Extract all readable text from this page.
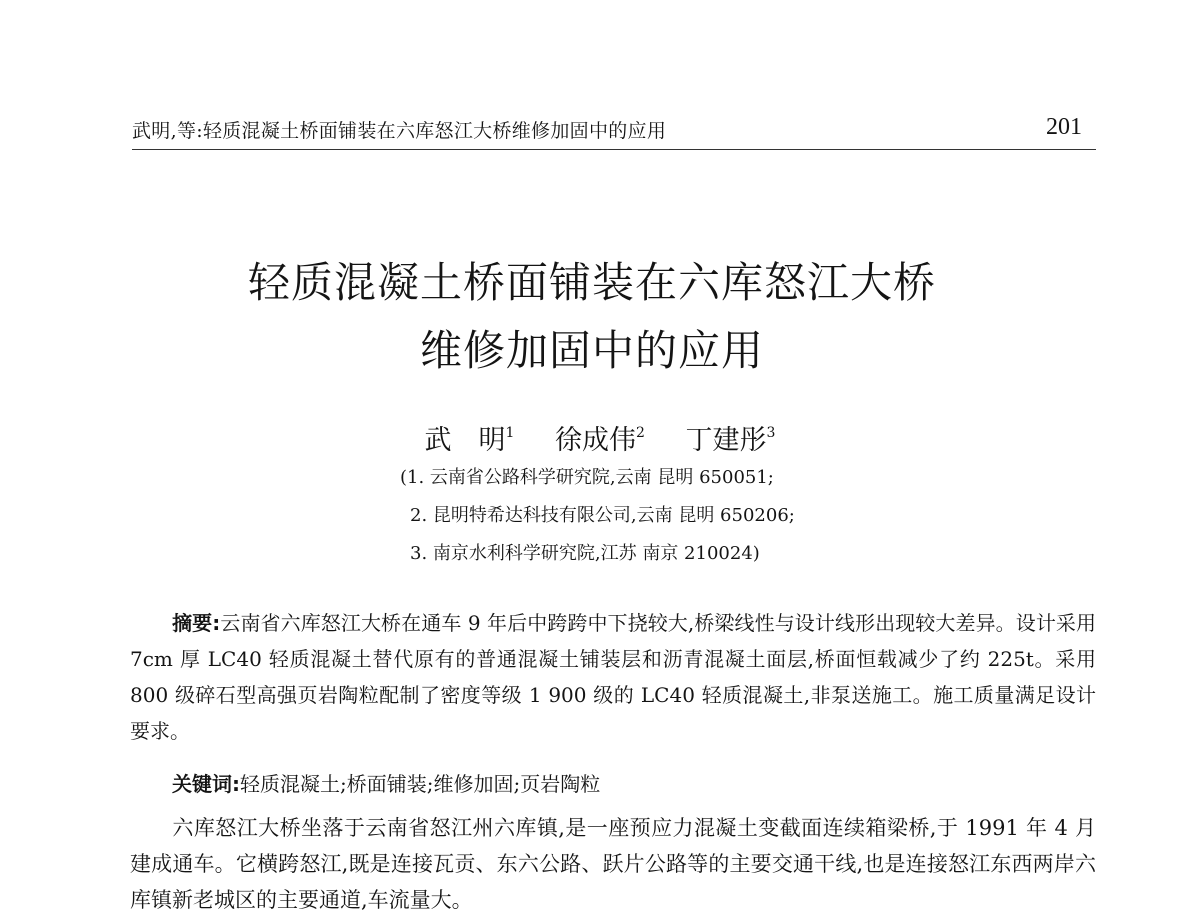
武明,等:轻质混凝土桥面铺装在六库怒江大桥维修加固中的应用	201
轻质混凝土桥面铺装在六库怒江大桥
维修加固中的应用
武　明$^1$ 徐成伟$^2$ 丁建彤$^3$
(1. 云南省公路科学研究院,云南 昆明 650051;
2. 昆明特希达科技有限公司,云南 昆明 650206;
3. 南京水利科学研究院,江苏 南京 210024)
摘要:云南省六库怒江大桥在通车 9 年后中跨跨中下挠较大,桥梁线性与设计线形出现较大差异。设计采用 7cm 厚 LC40 轻质混凝土替代原有的普通混凝土铺装层和沥青混凝土面层,桥面恒载减少了约 225t。采用 800 级碎石型高强页岩陶粒配制了密度等级 1 900 级的 LC40 轻质混凝土,非泵送施工。施工质量满足设计要求。
关键词:轻质混凝土;桥面铺装;维修加固;页岩陶粒
六库怒江大桥坐落于云南省怒江州六库镇,是一座预应力混凝土变截面连续箱梁桥,于 1991 年 4 月建成通车。它横跨怒江,既是连接瓦贡、东六公路、跃片公路等的主要交通干线,也是连接怒江东西两岸六库镇新老城区的主要通道,车流量大。
